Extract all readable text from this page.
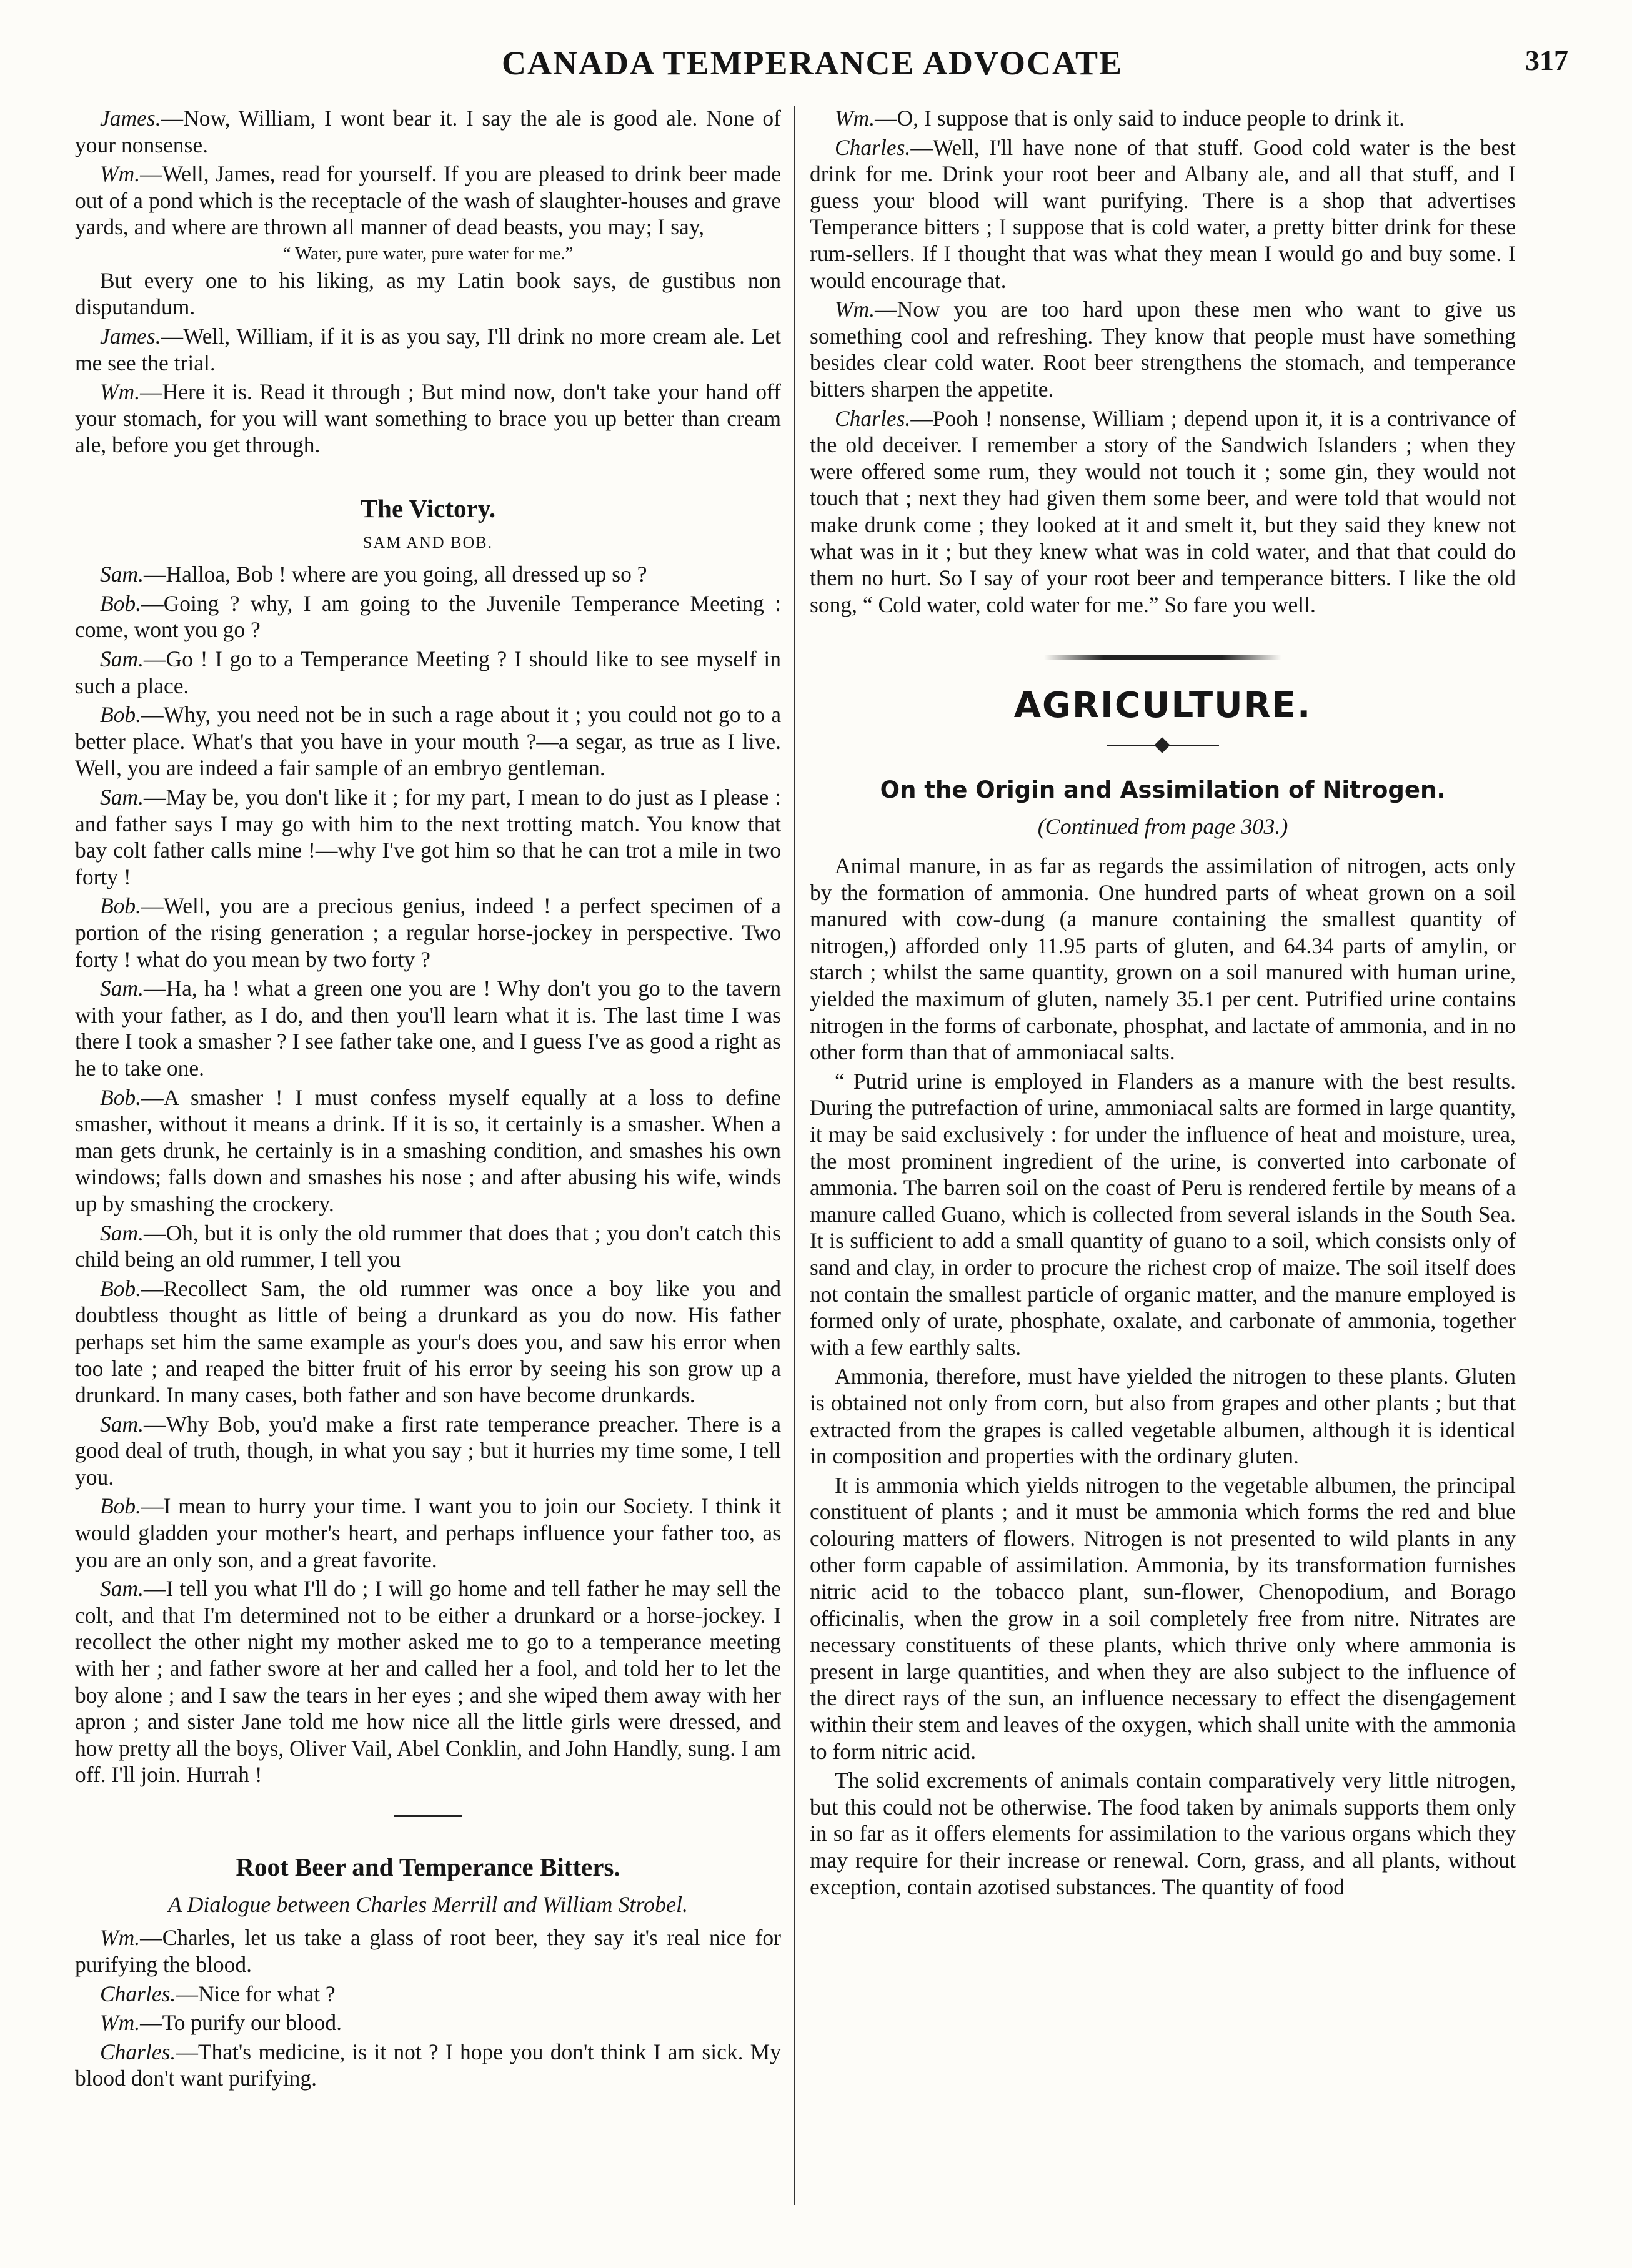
CANADA TEMPERANCE ADVOCATE	317

James.—Now, William, I wont bear it. I say the ale is good ale. None of your nonsense.

Wm.—Well, James, read for yourself. If you are pleased to drink beer made out of a pond which is the receptacle of the wash of slaughter-houses and grave yards, and where are thrown all manner of dead beasts, you may; I say,

“ Water, pure water, pure water for me.”

But every one to his liking, as my Latin book says, de gustibus non disputandum.

James.—Well, William, if it is as you say, I'll drink no more cream ale. Let me see the trial.

Wm.—Here it is. Read it through ; But mind now, don't take your hand off your stomach, for you will want something to brace you up better than cream ale, before you get through.

The Victory.
SAM AND BOB.

Sam.—Halloa, Bob ! where are you going, all dressed up so ?

Bob.—Going ? why, I am going to the Juvenile Temperance Meeting : come, wont you go ?

Sam.—Go ! I go to a Temperance Meeting ? I should like to see myself in such a place.

Bob.—Why, you need not be in such a rage about it ; you could not go to a better place. What's that you have in your mouth ?—a segar, as true as I live. Well, you are indeed a fair sample of an embryo gentleman.

Sam.—May be, you don't like it ; for my part, I mean to do just as I please : and father says I may go with him to the next trotting match. You know that bay colt father calls mine !—why I've got him so that he can trot a mile in two forty !

Bob.—Well, you are a precious genius, indeed ! a perfect specimen of a portion of the rising generation ; a regular horse-jockey in perspective. Two forty ! what do you mean by two forty ?

Sam.—Ha, ha ! what a green one you are ! Why don't you go to the tavern with your father, as I do, and then you'll learn what it is. The last time I was there I took a smasher ? I see father take one, and I guess I've as good a right as he to take one.

Bob.—A smasher ! I must confess myself equally at a loss to define smasher, without it means a drink. If it is so, it certainly is a smasher. When a man gets drunk, he certainly is in a smashing condition, and smashes his own windows; falls down and smashes his nose ; and after abusing his wife, winds up by smashing the crockery.

Sam.—Oh, but it is only the old rummer that does that ; you don't catch this child being an old rummer, I tell you

Bob.—Recollect Sam, the old rummer was once a boy like you and doubtless thought as little of being a drunkard as you do now. His father perhaps set him the same example as your's does you, and saw his error when too late ; and reaped the bitter fruit of his error by seeing his son grow up a drunkard. In many cases, both father and son have become drunkards.

Sam.—Why Bob, you'd make a first rate temperance preacher. There is a good deal of truth, though, in what you say ; but it hurries my time some, I tell you.

Bob.—I mean to hurry your time. I want you to join our Society. I think it would gladden your mother's heart, and perhaps influence your father too, as you are an only son, and a great favorite.

Sam.—I tell you what I'll do ; I will go home and tell father he may sell the colt, and that I'm determined not to be either a drunkard or a horse-jockey. I recollect the other night my mother asked me to go to a temperance meeting with her ; and father swore at her and called her a fool, and told her to let the boy alone ; and I saw the tears in her eyes ; and she wiped them away with her apron ; and sister Jane told me how nice all the little girls were dressed, and how pretty all the boys, Oliver Vail, Abel Conklin, and John Handly, sung. I am off. I'll join. Hurrah !

Root Beer and Temperance Bitters.
A Dialogue between Charles Merrill and William Strobel.

Wm.—Charles, let us take a glass of root beer, they say it's real nice for purifying the blood.

Charles.—Nice for what ?

Wm.—To purify our blood.

Charles.—That's medicine, is it not ? I hope you don't think I am sick. My blood don't want purifying.

Wm.—O, I suppose that is only said to induce people to drink it.

Charles.—Well, I'll have none of that stuff. Good cold water is the best drink for me. Drink your root beer and Albany ale, and all that stuff, and I guess your blood will want purifying. There is a shop that advertises Temperance bitters ; I suppose that is cold water, a pretty bitter drink for these rum-sellers. If I thought that was what they mean I would go and buy some. I would encourage that.

Wm.—Now you are too hard upon these men who want to give us something cool and refreshing. They know that people must have something besides clear cold water. Root beer strengthens the stomach, and temperance bitters sharpen the appetite.

Charles.—Pooh ! nonsense, William ; depend upon it, it is a contrivance of the old deceiver. I remember a story of the Sandwich Islanders ; when they were offered some rum, they would not touch it ; some gin, they would not touch that ; next they had given them some beer, and were told that would not make drunk come ; they looked at it and smelt it, but they said they knew not what was in it ; but they knew what was in cold water, and that that could do them no hurt. So I say of your root beer and temperance bitters. I like the old song, “ Cold water, cold water for me.” So fare you well.

AGRICULTURE.
On the Origin and Assimilation of Nitrogen.
(Continued from page 303.)

Animal manure, in as far as regards the assimilation of nitrogen, acts only by the formation of ammonia. One hundred parts of wheat grown on a soil manured with cow-dung (a manure containing the smallest quantity of nitrogen,) afforded only 11.95 parts of gluten, and 64.34 parts of amylin, or starch ; whilst the same quantity, grown on a soil manured with human urine, yielded the maximum of gluten, namely 35.1 per cent. Putrified urine contains nitrogen in the forms of carbonate, phosphat, and lactate of ammonia, and in no other form than that of ammoniacal salts.

“ Putrid urine is employed in Flanders as a manure with the best results. During the putrefaction of urine, ammoniacal salts are formed in large quantity, it may be said exclusively : for under the influence of heat and moisture, urea, the most prominent ingredient of the urine, is converted into carbonate of ammonia. The barren soil on the coast of Peru is rendered fertile by means of a manure called Guano, which is collected from several islands in the South Sea. It is sufficient to add a small quantity of guano to a soil, which consists only of sand and clay, in order to procure the richest crop of maize. The soil itself does not contain the smallest particle of organic matter, and the manure employed is formed only of urate, phosphate, oxalate, and carbonate of ammonia, together with a few earthly salts.

Ammonia, therefore, must have yielded the nitrogen to these plants. Gluten is obtained not only from corn, but also from grapes and other plants ; but that extracted from the grapes is called vegetable albumen, although it is identical in composition and properties with the ordinary gluten.

It is ammonia which yields nitrogen to the vegetable albumen, the principal constituent of plants ; and it must be ammonia which forms the red and blue colouring matters of flowers. Nitrogen is not presented to wild plants in any other form capable of assimilation. Ammonia, by its transformation furnishes nitric acid to the tobacco plant, sun-flower, Chenopodium, and Borago officinalis, when the grow in a soil completely free from nitre. Nitrates are necessary constituents of these plants, which thrive only where ammonia is present in large quantities, and when they are also subject to the influence of the direct rays of the sun, an influence necessary to effect the disengagement within their stem and leaves of the oxygen, which shall unite with the ammonia to form nitric acid.

The solid excrements of animals contain comparatively very little nitrogen, but this could not be otherwise. The food taken by animals supports them only in so far as it offers elements for assimilation to the various organs which they may require for their increase or renewal. Corn, grass, and all plants, without exception, contain azotised substances. The quantity of food
